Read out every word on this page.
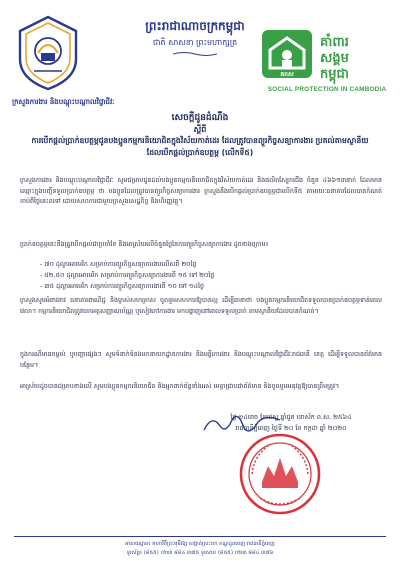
ព្រះរាជាណាចក្រកម្ពុជា
ជាតិ សាសនា ព្រះមហាក្សត្រ
ក្រសួងការងារ និងបណ្តុះបណ្តាលវិជ្ជាជីវៈ
គពស
គាំពារ
សង្គម
កម្ពុជា
SOCIAL PROTECTION IN CAMBODIA
សេចក្តីជូនដំណឹង
ស្តីពី
ការបើកផ្តល់ប្រាក់ឧបត្ថម្ភជូនបងប្អូនកម្មករនិយោជិតក្នុងវិស័យកាត់ដេរ ដែលត្រូវបានព្យួរកិច្ចសន្យាការងារ ប្រគល់តាមស្ថានីយដែលបើកផ្តល់ប្រាក់ឧបត្ថម្ភ (លើកទី៥)
ក្រសួងការងារ និងបណ្តុះបណ្តាលវិជ្ជាជីវៈ សូមជម្រាបជូនដល់បងប្អូនកម្មករនិយោជិតក្នុងវិស័យកាត់ដេរ និងផលិតស្បែកជើង ចំនួន ៤៦៦១៣នាក់ ដែលមានឈ្មោះក្នុងបញ្ជីទទួលប្រាក់ឧបត្ថម្ភ ថា បងប្អូនដែលត្រូវបានព្យួរកិច្ចសន្យាការងារ ក្រសួងនឹងបើកផ្តល់ប្រាក់ឧបត្ថម្ភជាលើកទី៥ តាមរយៈធនាគារដែលបានកំណត់ ចាប់ពីថ្ងៃនេះតទៅ ដោយសហការជាមួយក្រសួងសេដ្ឋកិច្ច និងហិរញ្ញវត្ថុ។
ប្រាក់ឧបត្ថម្ភនេះនឹងត្រូវបើកផ្តល់ជាប្រចាំខែ និងអាស្រ័យលើចំនួនថ្ងៃនៃការព្យួរកិច្ចសន្យាការងារ ដូចខាងក្រោម៖
- ៧០ ដុល្លារអាមេរិក សម្រាប់ការព្យួរកិច្ចសន្យាការងារលើសពី ២០ថ្ងៃ
- ៥២.៥០ ដុល្លារអាមេរិក សម្រាប់ការព្យួរកិច្ចសន្យាការងារពី ១៥ ទៅ ២០ថ្ងៃ
- ៣៥ ដុល្លារអាមេរិក សម្រាប់ការព្យួរកិច្ចសន្យាការងារពី ១០ ទៅ ១៤ថ្ងៃ
ក្រសួងសូមអំពាវនាវ ធនាគារពាណិជ្ជ និងម្ចាស់សហគ្រាស ចូលរួមសហការឱ្យបានល្អ ដើម្បីធានាថា បងប្អូនកម្មករនិយោជិតទទួលបានប្រាក់ឧបត្ថម្ភទាន់ពេលវេលា។ កម្មករនិយោជិតត្រូវយកអត្តសញ្ញាណប័ណ្ណ ឬសៀវភៅការងារ មកបង្ហាញនៅពេលទទួលប្រាក់ តាមស្ថានីយដែលបានកំណត់។
ក្នុងករណីមានចម្ងល់ ឬបញ្ហាផ្សេងៗ សូមទំនាក់ទំនងមកនាយកដ្ឋានការងារ និងមន្ទីរការងារ និងបណ្តុះបណ្តាលវិជ្ជាជីវៈរាជធានី ខេត្ត ដើម្បីទទួលបានព័ត៌មានបន្ថែម។
អាស្រ័យដូចបានជម្រាបខាងលើ សូមបងប្អូនកម្មករនិយោជិត និងអ្នកពាក់ព័ន្ធទាំងអស់ មេត្តាជ្រាបជាព័ត៌មាន និងចូលរួមអនុវត្តឱ្យបានត្រឹមត្រូវ។
ថ្ងៃ ១៤រោច ខែជេស្ឋ ឆ្នាំជូត ទោស័ក ព.ស. ២៥៦៤
រាជធានីភ្នំពេញ ថ្ងៃទី ២០ ខែ កក្កដា ឆ្នាំ ២០២០
អាសយដ្ឋាន៖ មហាវិថីព្រះមុនីវង្ស សង្កាត់ស្រះចក ខណ្ឌដូនពេញ រាជធានីភ្នំពេញ
ទូរស័ព្ទ៖ (៨៥៥) ០២៣ ៨៨៤ ៣៧៥ ទូរសារ៖ (៨៥៥) ០២៣ ៨៨៤ ៣៧៦
